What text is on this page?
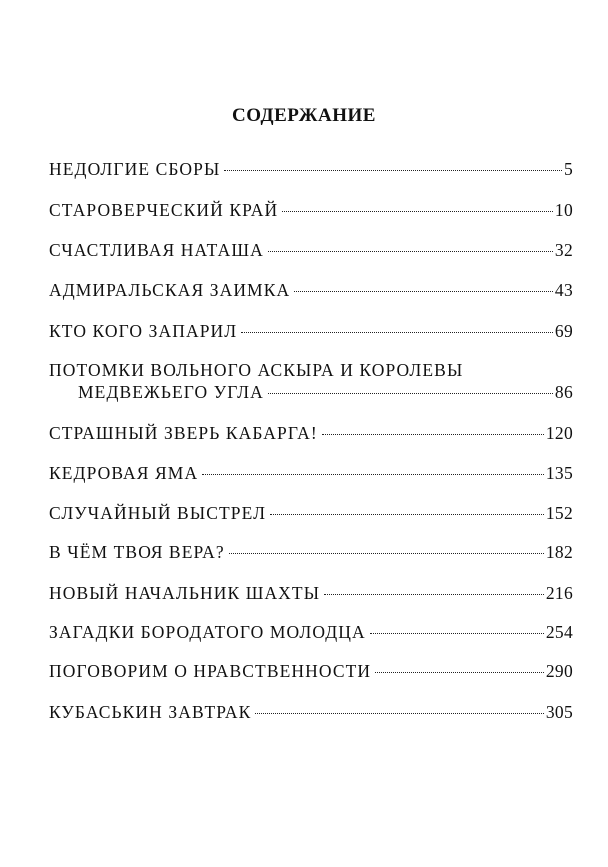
СОДЕРЖАНИЕ
НЕДОЛГИЕ СБОРЫ	5
СТАРОВЕРЧЕСКИЙ КРАЙ	10
СЧАСТЛИВАЯ НАТАША	32
АДМИРАЛЬСКАЯ ЗАИМКА	43
КТО КОГО ЗАПАРИЛ	69
ПОТОМКИ ВОЛЬНОГО АСКЫРА И КОРОЛЕВЫ
МЕДВЕЖЬЕГО УГЛА	86
СТРАШНЫЙ ЗВЕРЬ КАБАРГА!	120
КЕДРОВАЯ ЯМА	135
СЛУЧАЙНЫЙ ВЫСТРЕЛ	152
В ЧЁМ ТВОЯ ВЕРА?	182
НОВЫЙ НАЧАЛЬНИК ШАХТЫ	216
ЗАГАДКИ БОРОДАТОГО МОЛОДЦА	254
ПОГОВОРИМ О НРАВСТВЕННОСТИ	290
КУБАСЬКИН ЗАВТРАК	305
